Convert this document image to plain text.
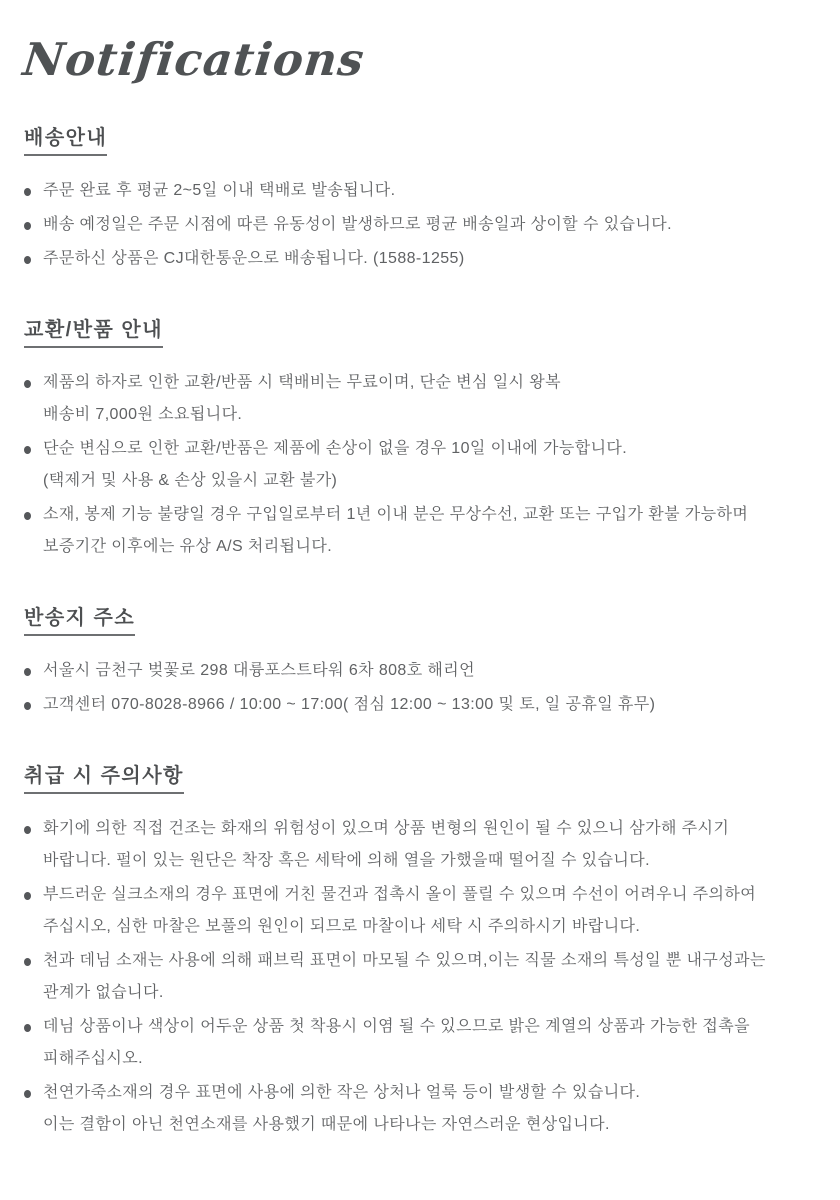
Notifications
배송안내
주문 완료 후 평균 2~5일 이내 택배로 발송됩니다.
배송 예정일은 주문 시점에 따른 유동성이 발생하므로 평균 배송일과 상이할 수 있습니다.
주문하신 상품은 CJ대한통운으로 배송됩니다. (1588-1255)
교환/반품 안내
제품의 하자로 인한 교환/반품 시 택배비는 무료이며, 단순 변심 일시 왕복
배송비 7,000원 소요됩니다.
단순 변심으로 인한 교환/반품은 제품에 손상이 없을 경우 10일 이내에 가능합니다.
(택제거 및 사용 & 손상 있을시 교환 불가)
소재, 봉제 기능 불량일 경우 구입일로부터 1년 이내 분은 무상수선, 교환 또는 구입가 환불 가능하며
보증기간 이후에는 유상 A/S 처리됩니다.
반송지 주소
서울시 금천구 벚꽃로 298 대륭포스트타워 6차 808호 해리언
고객센터 070-8028-8966 / 10:00 ~ 17:00( 점심 12:00 ~ 13:00 및 토, 일 공휴일 휴무)
취급 시 주의사항
화기에 의한 직접 건조는 화재의 위험성이 있으며 상품 변형의 원인이 될 수 있으니 삼가해 주시기
바랍니다. 펄이 있는 원단은 착장 혹은 세탁에 의해 열을 가했을때 떨어질 수 있습니다.
부드러운 실크소재의 경우 표면에 거친 물건과 접촉시 올이 풀릴 수 있으며 수선이 어려우니 주의하여
주십시오, 심한 마찰은 보풀의 원인이 되므로 마찰이나 세탁 시 주의하시기 바랍니다.
천과 데님 소재는 사용에 의해 패브릭 표면이 마모될 수 있으며,이는 직물 소재의 특성일 뿐 내구성과는
관계가 없습니다.
데님 상품이나 색상이 어두운 상품 첫 착용시 이염 될 수 있으므로 밝은 계열의 상품과 가능한 접촉을
피해주십시오.
천연가죽소재의 경우 표면에 사용에 의한 작은 상처나 얼룩 등이 발생할 수 있습니다.
이는 결함이 아닌 천연소재를 사용했기 때문에 나타나는 자연스러운 현상입니다.
